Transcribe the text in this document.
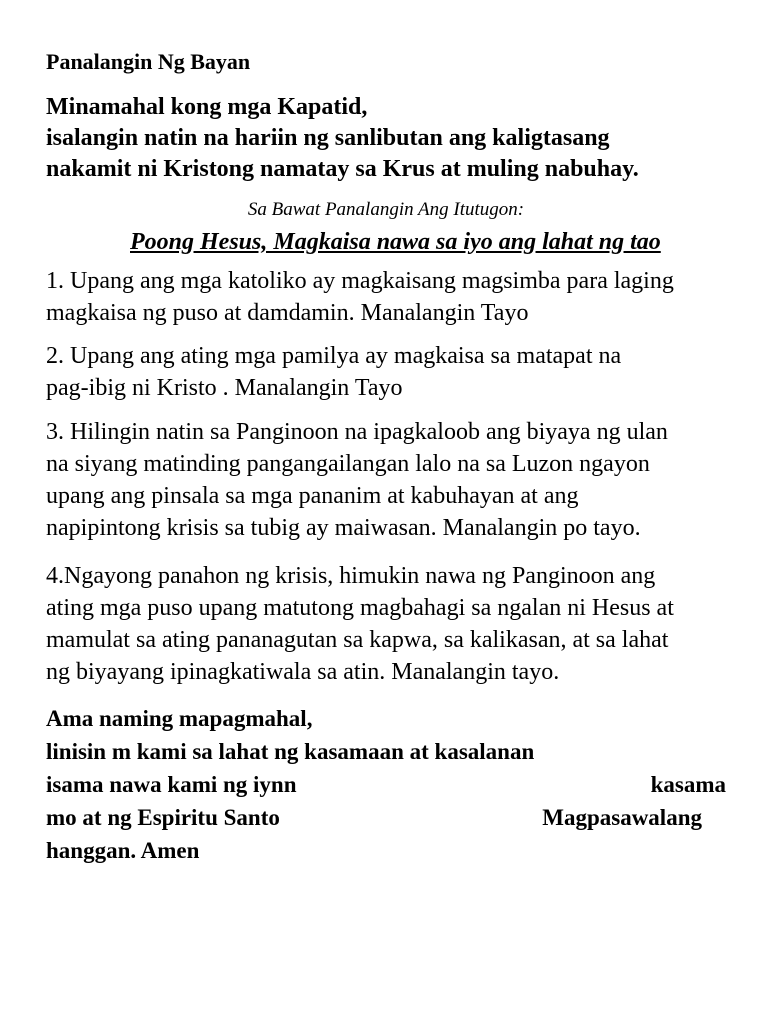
Panalangin Ng Bayan
Minamahal kong mga Kapatid,
isalangin natin na hariin ng sanlibutan ang kaligtasang
nakamit ni Kristong namatay sa Krus at muling nabuhay.
Sa Bawat Panalangin Ang Itutugon:
Poong Hesus, Magkaisa nawa sa iyo ang lahat ng tao
1. Upang ang mga katoliko ay magkaisang magsimba para laging
magkaisa ng puso at damdamin. Manalangin Tayo
2. Upang ang ating mga pamilya ay magkaisa sa matapat na
pag-ibig ni Kristo . Manalangin Tayo
3. Hilingin natin sa Panginoon na ipagkaloob ang biyaya ng ulan
na siyang matinding pangangailangan lalo na sa Luzon ngayon
upang ang pinsala sa mga pananim at kabuhayan at ang
napipintong krisis sa tubig ay maiwasan. Manalangin po tayo.
4.Ngayong panahon ng krisis, himukin nawa ng Panginoon ang
ating mga puso upang matutong magbahagi sa ngalan ni Hesus at
mamulat sa ating pananagutan sa kapwa, sa kalikasan, at sa lahat
ng biyayang ipinagkatiwala sa atin. Manalangin tayo.
Ama naming mapagmahal,
linisin m kami sa lahat ng kasamaan at kasalanan
isama nawa kami ng iynn	kasama
mo at ng Espiritu Santo	Magpasawalang
hanggan. Amen
